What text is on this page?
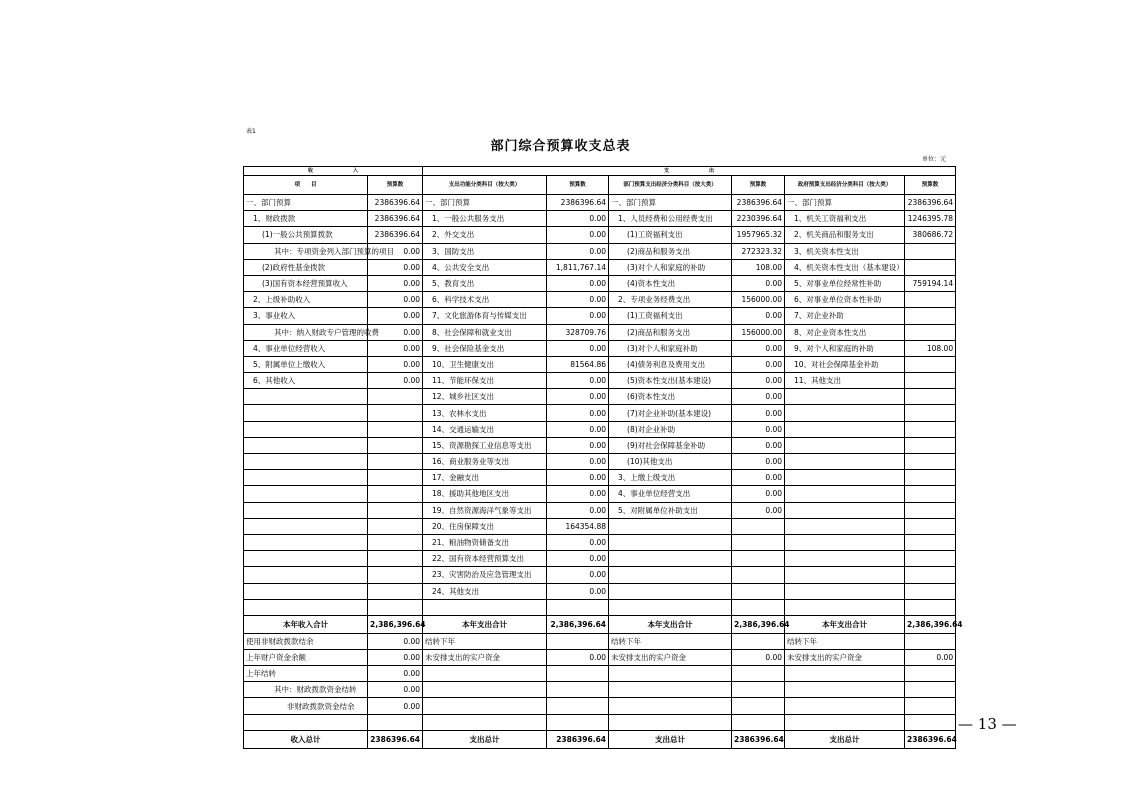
表1
部门综合预算收支总表
单位：元
— 13 —
收　　　　　　　　入		支　　　　　　　　出					
项　　目	预算数	支出功能分类科目（按大类）	预算数	部门预算支出经济分类科目（按大类）	预算数	政府预算支出经济分类科目（按大类）	预算数
一、部门预算	2386396.64	一、部门预算	2386396.64	一、部门预算	2386396.64	一、部门预算	2386396.64
1、财政拨款	2386396.64	1、一般公共服务支出	0.00	1、人员经费和公用经费支出	2230396.64	1、机关工资福利支出	1246395.78
(1)一般公共预算拨款	2386396.64	2、外交支出	0.00	(1)工资福利支出	1957965.32	2、机关商品和服务支出	380686.72
其中：专项资金列入部门预算的项目	0.00	3、国防支出	0.00	(2)商品和服务支出	272323.32	3、机关资本性支出	
(2)政府性基金拨款	0.00	4、公共安全支出	1,811,767.14	(3)对个人和家庭的补助	108.00	4、机关资本性支出（基本建设）	
(3)国有资本经营预算收入	0.00	5、教育支出	0.00	(4)资本性支出	0.00	5、对事业单位经常性补助	759194.14
2、上级补助收入	0.00	6、科学技术支出	0.00	2、专项业务经费支出	156000.00	6、对事业单位资本性补助	
3、事业收入	0.00	7、文化旅游体育与传媒支出	0.00	(1)工资福利支出	0.00	7、对企业补助	
其中：纳入财政专户管理的收费	0.00	8、社会保障和就业支出	328709.76	(2)商品和服务支出	156000.00	8、对企业资本性支出	
4、事业单位经营收入	0.00	9、社会保险基金支出	0.00	(3)对个人和家庭补助	0.00	9、对个人和家庭的补助	108.00
5、附属单位上缴收入	0.00	10、卫生健康支出	81564.86	(4)债务利息及费用支出	0.00	10、对社会保障基金补助	
6、其他收入	0.00	11、节能环保支出	0.00	(5)资本性支出(基本建设)	0.00	11、其他支出	
		12、城乡社区支出	0.00	(6)资本性支出	0.00		
		13、农林水支出	0.00	(7)对企业补助(基本建设)	0.00		
		14、交通运输支出	0.00	(8)对企业补助	0.00		
		15、资源勘探工业信息等支出	0.00	(9)对社会保障基金补助	0.00		
		16、商业服务业等支出	0.00	(10)其他支出	0.00		
		17、金融支出	0.00	3、上缴上级支出	0.00		
		18、援助其他地区支出	0.00	4、事业单位经营支出	0.00		
		19、自然资源海洋气象等支出	0.00	5、对附属单位补助支出	0.00		
		20、住房保障支出	164354.88				
		21、粮油物资储备支出	0.00				
		22、国有资本经营预算支出	0.00				
		23、灾害防治及应急管理支出	0.00				
		24、其他支出	0.00				

本年收入合计	2,386,396.64	本年支出合计	2,386,396.64	本年支出合计	2,386,396.64	本年支出合计	2,386,396.64
使用非财政拨款结余	0.00	结转下年		结转下年		结转下年	
上年财户资金余额	0.00	未安排支出的实户资金	0.00	未安排支出的实户资金	0.00	未安排支出的实户资金	0.00
上年结转	0.00						
其中：财政拨款资金结转	0.00						
非财政拨款资金结余	0.00						

收入总计	2386396.64	支出总计	2386396.64	支出总计	2386396.64	支出总计	2386396.64
